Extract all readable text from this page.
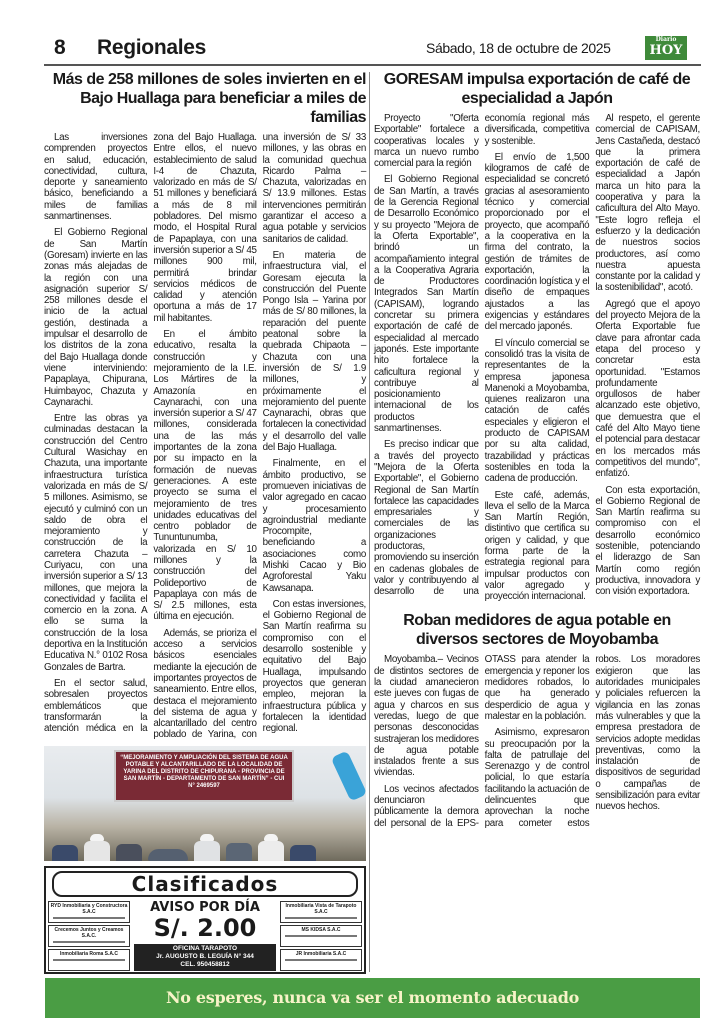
8 Regionales	Sábado, 18 de octubre de 2025
Diario
HOY
Más de 258 millones de soles invierten en el Bajo Huallaga para beneficiar a miles de familias

Las inversiones comprenden proyectos en salud, educación, conectividad, cultura, deporte y saneamiento básico, beneficiando a miles de familias sanmartinenses.

El Gobierno Regional de San Martín (Goresam) invierte en las zonas más alejadas de la región con una asignación superior S/ 258 millones desde el inicio de la actual gestión, destinada a impulsar el desarrollo de los distritos de la zona del Bajo Huallaga donde viene interviniendo: Papaplaya, Chipurana, Huimbayoc, Chazuta y Caynarachi.

Entre las obras ya culminadas destacan la construcción del Centro Cultural Wasichay en Chazuta, una importante infraestructura turística valorizada en más de S/ 5 millones. Asimismo, se ejecutó y culminó con un saldo de obra el mejoramiento y construcción de la carretera Chazuta – Curiyacu, con una inversión superior a S/ 13 millones, que mejora la conectividad y facilita el comercio en la zona. A ello se suma la construcción de la losa deportiva en la Institución Educativa N.° 0102 Rosa Gonzales de Bartra.

En el sector salud, sobresalen proyectos emblemáticos que transformarán la atención médica en la zona del Bajo Huallaga. Entre ellos, el nuevo establecimiento de salud I-4 de Chazuta, valorizado en más de S/ 51 millones y beneficiará a más de 8 mil pobladores. Del mismo modo, el Hospital Rural de Papaplaya, con una inversión superior a S/ 45 millones 900 mil, permitirá brindar servicios médicos de calidad y atención oportuna a más de 17 mil habitantes.

En el ámbito educativo, resalta la construcción y mejoramiento de la I.E. Los Mártires de la Amazonía en Caynarachi, con una inversión superior a S/ 47 millones, considerada una de las más importantes de la zona por su impacto en la formación de nuevas generaciones. A este proyecto se suma el mejoramiento de tres unidades educativas del centro poblador de Tununtunumba, valorizada en S/ 10 millones y la construcción del Polideportivo de Papaplaya con más de S/ 2.5 millones, esta última en ejecución.

Además, se prioriza el acceso a servicios básicos esenciales mediante la ejecución de importantes proyectos de saneamiento. Entre ellos, destaca el mejoramiento del sistema de agua y alcantarillado del centro poblado de Yarina, con una inversión de S/ 33 millones, y las obras en la comunidad quechua Ricardo Palma – Chazuta, valorizadas en S/ 13.9 millones. Estas intervenciones permitirán garantizar el acceso a agua potable y servicios sanitarios de calidad.

En materia de infraestructura vial, el Goresam ejecuta la construcción del Puente Pongo Isla – Yarina por más de S/ 80 millones, la reparación del puente peatonal sobre la quebrada Chipaota – Chazuta con una inversión de S/ 1.9 millones, y próximamente el mejoramiento del puente Caynarachi, obras que fortalecen la conectividad y el desarrollo del valle del Bajo Huallaga.

Finalmente, en el ámbito productivo, se promueven iniciativas de valor agregado en cacao y procesamiento agroindustrial mediante Procompite, beneficiando a asociaciones como Mishki Cacao y Bio Agroforestal Yaku Kawsanapa.

Con estas inversiones, el Gobierno Regional de San Martín reafirma su compromiso con el desarrollo sostenible y equitativo del Bajo Huallaga, impulsando proyectos que generan empleo, mejoran la infraestructura pública y fortalecen la identidad regional.

“MEJORAMIENTO Y AMPLIACIÓN DEL SISTEMA DE AGUA POTABLE Y ALCANTARILLADO DE LA LOCALIDAD DE YARINA DEL DISTRITO DE CHIPURANA - PROVINCIA DE SAN MARTÍN - DEPARTAMENTO DE SAN MARTÍN” - CUI N° 2469597
Clasificados
RYD Inmobiliaria y Constructora S.A.C
Crecemos Juntos y Creamos S.A.C.
Inmobiliaria Roma S.A.C
AVISO POR DÍA
S/. 2.00
OFICINA TARAPOTO
Jr. AUGUSTO B. LEGUÍA N° 344
CEL. 950458812
Inmobiliaria Vista de Tarapoto S.A.C
MS KIDSA S.A.C
JR Inmobiliaria S.A.C
GORESAM impulsa exportación de café de especialidad a Japón

Proyecto "Oferta Exportable" fortalece a cooperativas locales y marca un nuevo rumbo comercial para la región

El Gobierno Regional de San Martín, a través de la Gerencia Regional de Desarrollo Económico y su proyecto "Mejora de la Oferta Exportable", brindó un acompañamiento integral a la Cooperativa Agraria de Productores Integrados San Martín (CAPISAM), logrando concretar su primera exportación de café de especialidad al mercado japonés. Este importante hito fortalece la caficultura regional y contribuye al posicionamiento internacional de los productos sanmartinenses.

Es preciso indicar que a través del proyecto "Mejora de la Oferta Exportable", el Gobierno Regional de San Martín fortalece las capacidades empresariales y comerciales de las organizaciones productoras, promoviendo su inserción en cadenas globales de valor y contribuyendo al desarrollo de una economía regional más diversificada, competitiva y sostenible.

El envío de 1,500 kilogramos de café de especialidad se concretó gracias al asesoramiento técnico y comercial proporcionado por el proyecto, que acompañó a la cooperativa en la firma del contrato, la gestión de trámites de exportación, la coordinación logística y el diseño de empaques ajustados a las exigencias y estándares del mercado japonés.

El vínculo comercial se consolidó tras la visita de representantes de la empresa japonesa Manenoki a Moyobamba, quienes realizaron una catación de cafés especiales y eligieron el producto de CAPISAM por su alta calidad, trazabilidad y prácticas sostenibles en toda la cadena de producción.

Este café, además, lleva el sello de la Marca San Martín Región, distintivo que certifica su origen y calidad, y que forma parte de la estrategia regional para impulsar productos con valor agregado y proyección internacional.

Al respeto, el gerente comercial de CAPISAM, Jens Castañeda, destacó que la primera exportación de café de especialidad a Japón marca un hito para la cooperativa y para la caficultura del Alto Mayo. "Este logro refleja el esfuerzo y la dedicación de nuestros socios productores, así como nuestra apuesta constante por la calidad y la sostenibilidad", acotó.

Agregó que el apoyo del proyecto Mejora de la Oferta Exportable fue clave para afrontar cada etapa del proceso y concretar esta oportunidad. "Estamos profundamente orgullosos de haber alcanzado este objetivo, que demuestra que el café del Alto Mayo tiene el potencial para destacar en los mercados más competitivos del mundo", enfatizó.

Con esta exportación, el Gobierno Regional de San Martín reafirma su compromiso con el desarrollo económico sostenible, potenciando el liderazgo de San Martín como región productiva, innovadora y con visión exportadora.

Roban medidores de agua potable en diversos sectores de Moyobamba

Moyobamba.– Vecinos de distintos sectores de la ciudad amanecieron este jueves con fugas de agua y charcos en sus veredas, luego de que personas desconocidas sustrajeran los medidores de agua potable instalados frente a sus viviendas.

Los vecinos afectados denunciaron públicamente la demora del personal de la EPS-OTASS para atender la emergencia y reponer los medidores robados, lo que ha generado desperdicio de agua y malestar en la población.

Asimismo, expresaron su preocupación por la falta de patrullaje del Serenazgo y de control policial, lo que estaría facilitando la actuación de delincuentes que aprovechan la noche para cometer estos robos. Los moradores exigieron que las autoridades municipales y policiales refuercen la vigilancia en las zonas más vulnerables y que la empresa prestadora de servicios adopte medidas preventivas, como la instalación de dispositivos de seguridad o campañas de sensibilización para evitar nuevos hechos.

No esperes, nunca va ser el momento adecuado
